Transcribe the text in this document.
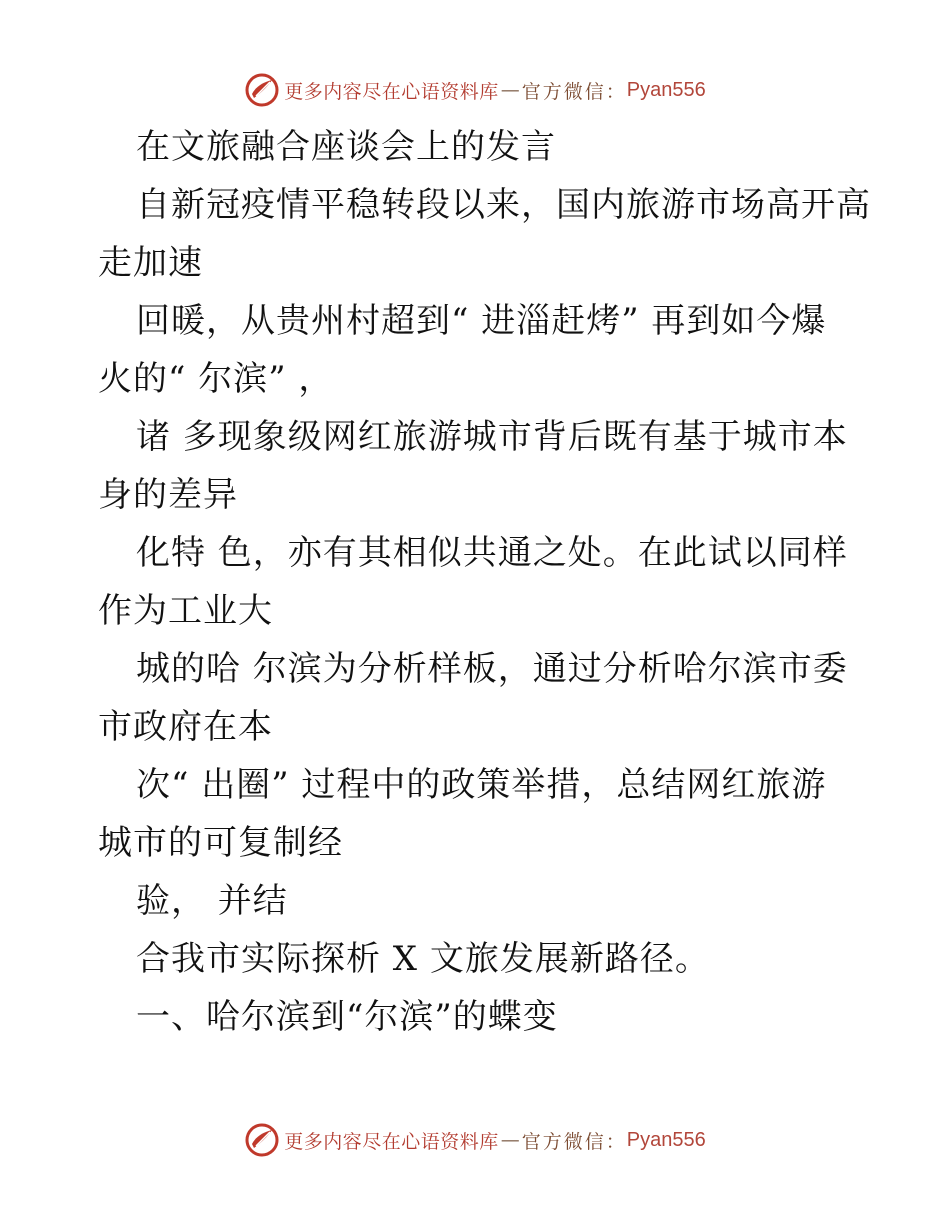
更多内容尽在心语资料库 — 官方微信： Pyan556
在文旅融合座谈会上的发言
自新冠疫情平稳转段以来，国内旅游市场高开高
走加速
回暖，从贵州村超到“ 进淄赶烤” 再到如今爆
火的“ 尔滨” ，
诸 多现象级网红旅游城市背后既有基于城市本
身的差异
化特 色，亦有其相似共通之处。在此试以同样
作为工业大
城的哈 尔滨为分析样板，通过分析哈尔滨市委
市政府在本
次“ 出圈” 过程中的政策举措，总结网红旅游
城市的可复制经
验， 并结
合我市实际探析 X 文旅发展新路径。
一、哈尔滨到“尔滨”的蝶变
更多内容尽在心语资料库 — 官方微信： Pyan556
